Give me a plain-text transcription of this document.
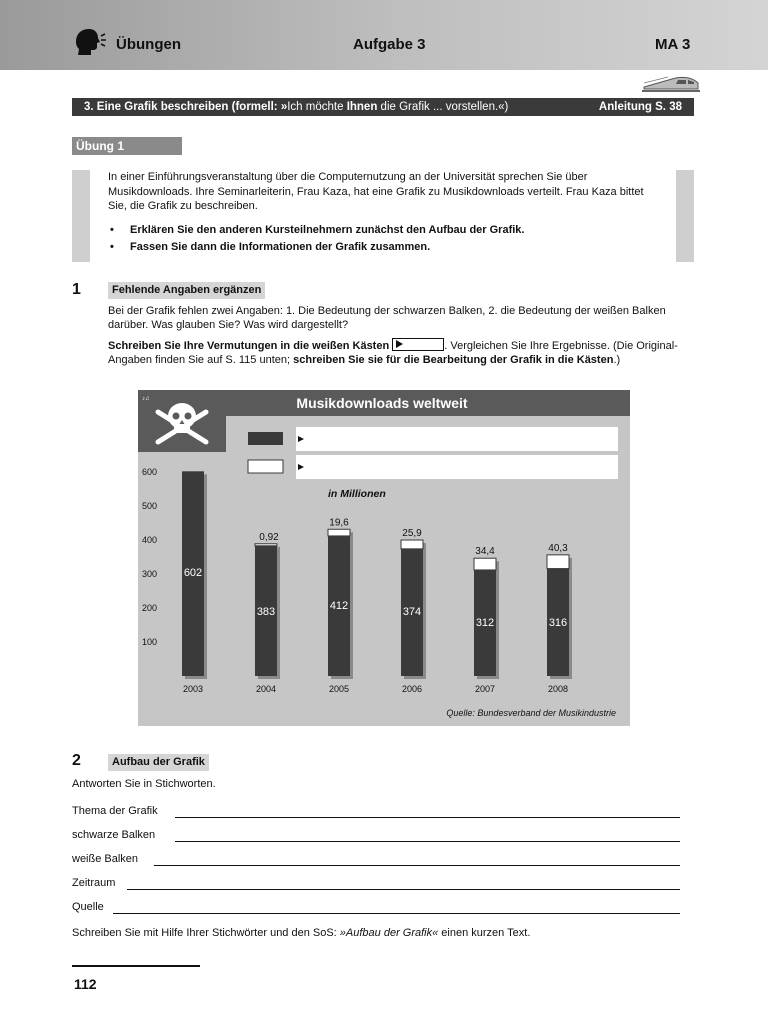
Übungen	Aufgabe 3	MA 3
3. Eine Grafik beschreiben (formell: »Ich möchte Ihnen die Grafik ... vorstellen.«)	Anleitung S. 38
Übung 1
In einer Einführungsveranstaltung über die Computernutzung an der Universität sprechen Sie über Musikdownloads. Ihre Seminarleiterin, Frau Kaza, hat eine Grafik zu Musikdownloads verteilt. Frau Kaza bittet Sie, die Grafik zu beschreiben.
• Erklären Sie den anderen Kursteilnehmern zunächst den Aufbau der Grafik.
• Fassen Sie dann die Informationen der Grafik zusammen.
1	Fehlende Angaben ergänzen
Bei der Grafik fehlen zwei Angaben: 1. Die Bedeutung der schwarzen Balken, 2. die Bedeutung der weißen Balken darüber. Was glauben Sie? Was wird dargestellt?
Schreiben Sie Ihre Vermutungen in die weißen Kästen	. Vergleichen Sie Ihre Ergebnisse. (Die Original-Angaben finden Sie auf S. 115 unten; schreiben Sie sie für die Bearbeitung der Grafik in die Kästen.)
Musikdownloads weltweit
RIP
♪♫
in Millionen
100
200
300
400
500
600
602
0,92
383
19,6
412
25,9
374
34,4
312
40,3
316
2003	2004	2005	2006	2007	2008
Quelle: Bundesverband der Musikindustrie
2	Aufbau der Grafik
Antworten Sie in Stichworten.
Thema der Grafik
schwarze Balken
weiße Balken
Zeitraum
Quelle
Schreiben Sie mit Hilfe Ihrer Stichwörter und den SoS: »Aufbau der Grafik« einen kurzen Text.
112
